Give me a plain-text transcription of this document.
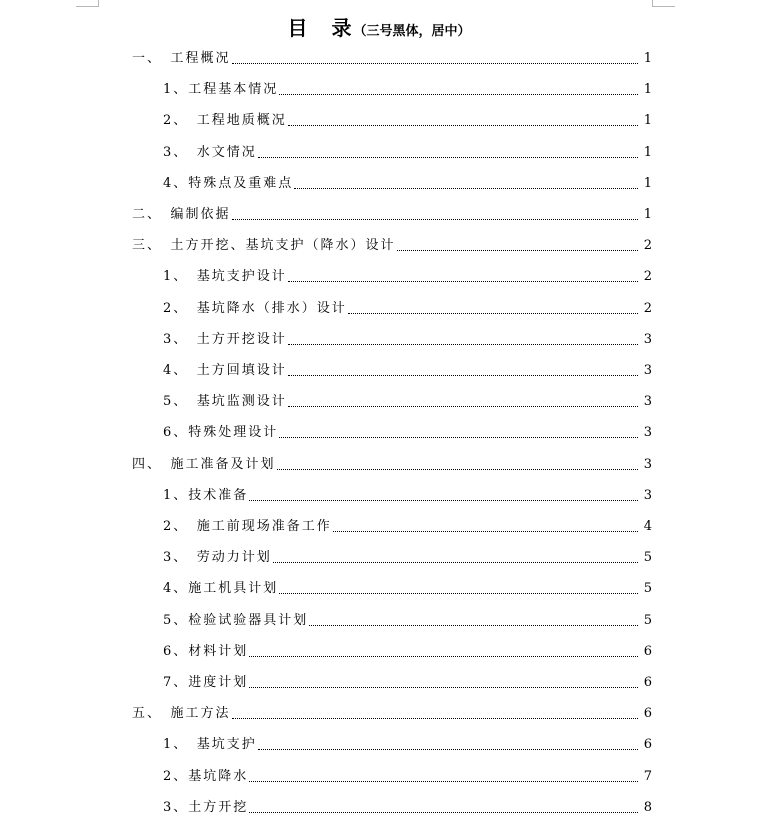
目　录（三号黑体，居中）
一、　工程概况	1
1、工程基本情况	1
2、　工程地质概况	1
3、　水文情况	1
4、特殊点及重难点	1
二、　编制依据	1
三、　土方开挖、基坑支护（降水）设计	2
1、　基坑支护设计	2
2、　基坑降水（排水）设计	2
3、　土方开挖设计	3
4、　土方回填设计	3
5、　基坑监测设计	3
6、特殊处理设计	3
四、　施工准备及计划	3
1、技术准备	3
2、　施工前现场准备工作	4
3、　劳动力计划	5
4、施工机具计划	5
5、检验试验器具计划	5
6、材料计划	6
7、进度计划	6
五、　施工方法	6
1、　基坑支护	6
2、基坑降水	7
3、土方开挖	8
